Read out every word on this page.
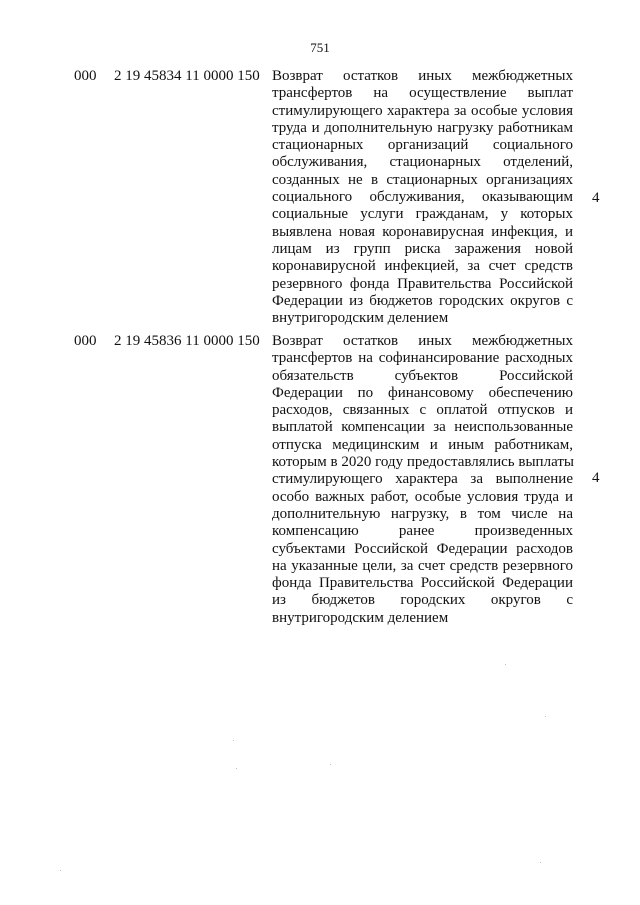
751
000 2 19 45834 11 0000 150 Возврат остатков иных межбюджетных
трансфертов на осуществление выплат
стимулирующего характера за особые условия
труда и дополнительную нагрузку работникам
стационарных организаций социального
обслуживания, стационарных отделений,
созданных не в стационарных организациях
социального обслуживания, оказывающим
социальные услуги гражданам, у которых
выявлена новая коронавирусная инфекция, и
лицам из групп риска заражения новой
коронавирусной инфекцией, за счет средств
резервного фонда Правительства Российской
Федерации из бюджетов городских округов с
внутригородским делением
4
000 2 19 45836 11 0000 150 Возврат остатков иных межбюджетных
трансфертов на софинансирование расходных
обязательств субъектов Российской
Федерации по финансовому обеспечению
расходов, связанных с оплатой отпусков и
выплатой компенсации за неиспользованные
отпуска медицинским и иным работникам,
которым в 2020 году предоставлялись выплаты
стимулирующего характера за выполнение
особо важных работ, особые условия труда и
дополнительную нагрузку, в том числе на
компенсацию ранее произведенных
субъектами Российской Федерации расходов
на указанные цели, за счет средств резервного
фонда Правительства Российской Федерации
из бюджетов городских округов с
внутригородским делением
4
